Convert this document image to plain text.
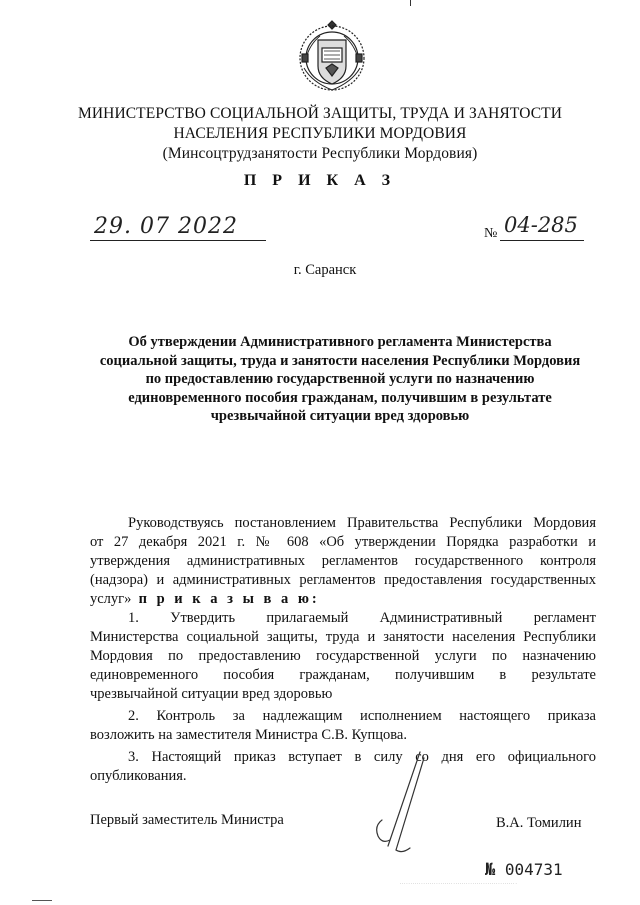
МИНИСТЕРСТВО СОЦИАЛЬНОЙ ЗАЩИТЫ, ТРУДА И ЗАНЯТОСТИ
НАСЕЛЕНИЯ РЕСПУБЛИКИ МОРДОВИЯ
(Минсоцтрудзанятости Республики Мордовия)
П Р И К А З
29. 07 2022	№ 04-285
г. Саранск
Об утверждении Административного регламента Министерства
социальной защиты, труда и занятости населения Республики Мордовия
по предоставлению государственной услуги по назначению
единовременного пособия гражданам, получившим в результате
чрезвычайной ситуации вред здоровью

Руководствуясь постановлением Правительства Республики Мордовия

от 27 декабря 2021 г. № 608 «Об утверждении Порядка разработки и

утверждения административных регламентов государственного контроля

(надзора) и административных регламентов предоставления государственных

услуг» п р и к а з ы в а ю:

1. Утвердить прилагаемый Административный регламент

Министерства социальной защиты, труда и занятости населения Республики

Мордовия по предоставлению государственной услуги по назначению

единовременного пособия гражданам, получившим в результате

чрезвычайной ситуации вред здоровью

2. Контроль за надлежащим исполнением настоящего приказа

возложить на заместителя Министра С.В. Купцова.

3. Настоящий приказ вступает в силу со дня его официального

опубликования.

Первый заместитель Министра	В.А. Томилин
№ 004731
· · · · · · · · · · · · · · · · · · · · · · · · · · · · · · · · · · · · · · · · · · · · · · · · · · · · · · ·
